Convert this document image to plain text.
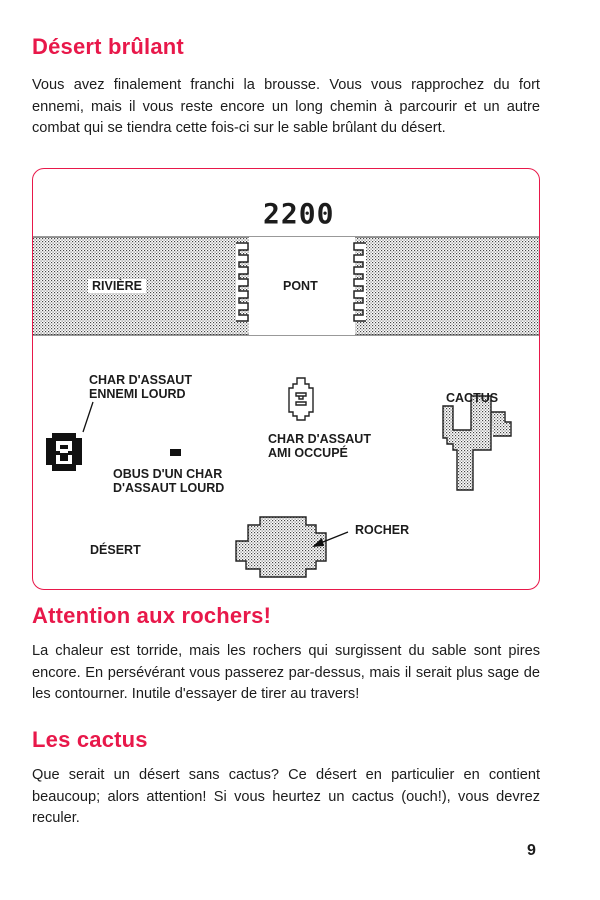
Désert brûlant

Vous avez finalement franchi la brousse. Vous vous rapprochez du fort ennemi, mais il vous reste encore un long chemin à parcourir et un autre combat qui se tiendra cette fois-ci sur le sable brûlant du désert.

2200
RIVIÈRE	PONT
CHAR D'ASSAUT
ENNEMI LOURD
OBUS D'UN CHAR
D'ASSAUT LOURD
CHAR D'ASSAUT
AMI OCCUPÉ
CACTUS
ROCHER
DÉSERT
Attention aux rochers!

La chaleur est torride, mais les rochers qui surgissent du sable sont pires encore. En persévérant vous passerez par-dessus, mais il serait plus sage de les contourner. Inutile d'essayer de tirer au travers!

Les cactus

Que serait un désert sans cactus? Ce désert en particulier en contient beaucoup; alors attention! Si vous heurtez un cactus (ouch!), vous devrez reculer.

9
